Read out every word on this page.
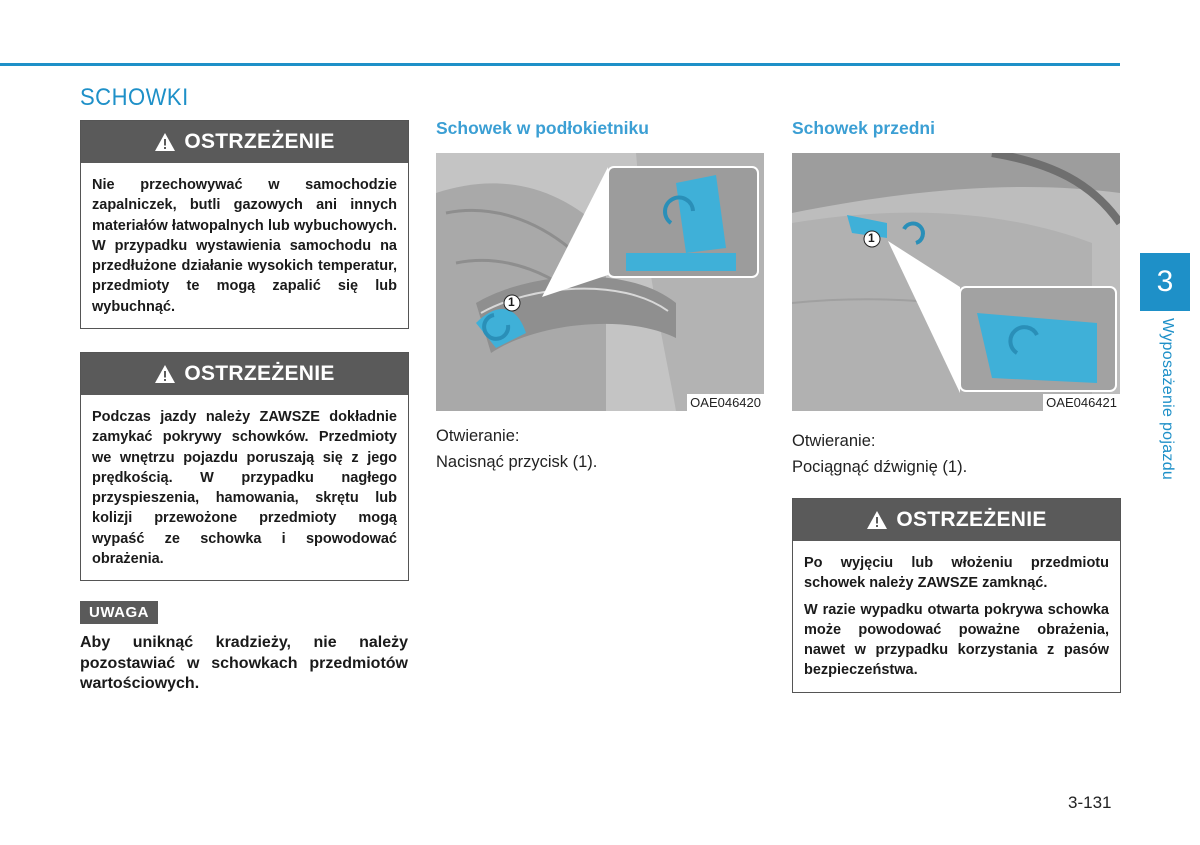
SCHOWKI
OSTRZEŻENIE

Nie przechowywać w samochodzie zapalniczek, butli gazowych ani innych materiałów łatwopalnych lub wybuchowych. W przypadku wystawienia samochodu na przedłużone działanie wysokich temperatur, przedmioty te mogą zapalić się lub wybuchnąć.

OSTRZEŻENIE

Podczas jazdy należy ZAWSZE dokładnie zamykać pokrywy schowków. Przedmioty we wnętrzu pojazdu poruszają się z jego prędkością. W przypadku nagłego przyspieszenia, hamowania, skrętu lub kolizji przewożone przedmioty mogą wypaść ze schowka i spowodować obrażenia.

UWAGA
Aby uniknąć kradzieży, nie należy pozostawiać w schowkach przedmiotów wartościowych.
Schowek w podłokietniku
1
OAE046420
Otwieranie:
Nacisnąć przycisk (1).
Schowek przedni
1
OAE046421
Otwieranie:
Pociągnąć dźwignię (1).
OSTRZEŻENIE

Po wyjęciu lub włożeniu przedmiotu schowek należy ZAWSZE zamknąć.

W razie wypadku otwarta pokrywa schowka może powodować poważne obrażenia, nawet w przypadku korzystania z pasów bezpieczeństwa.

3
Wyposażenie pojazdu
3-131
